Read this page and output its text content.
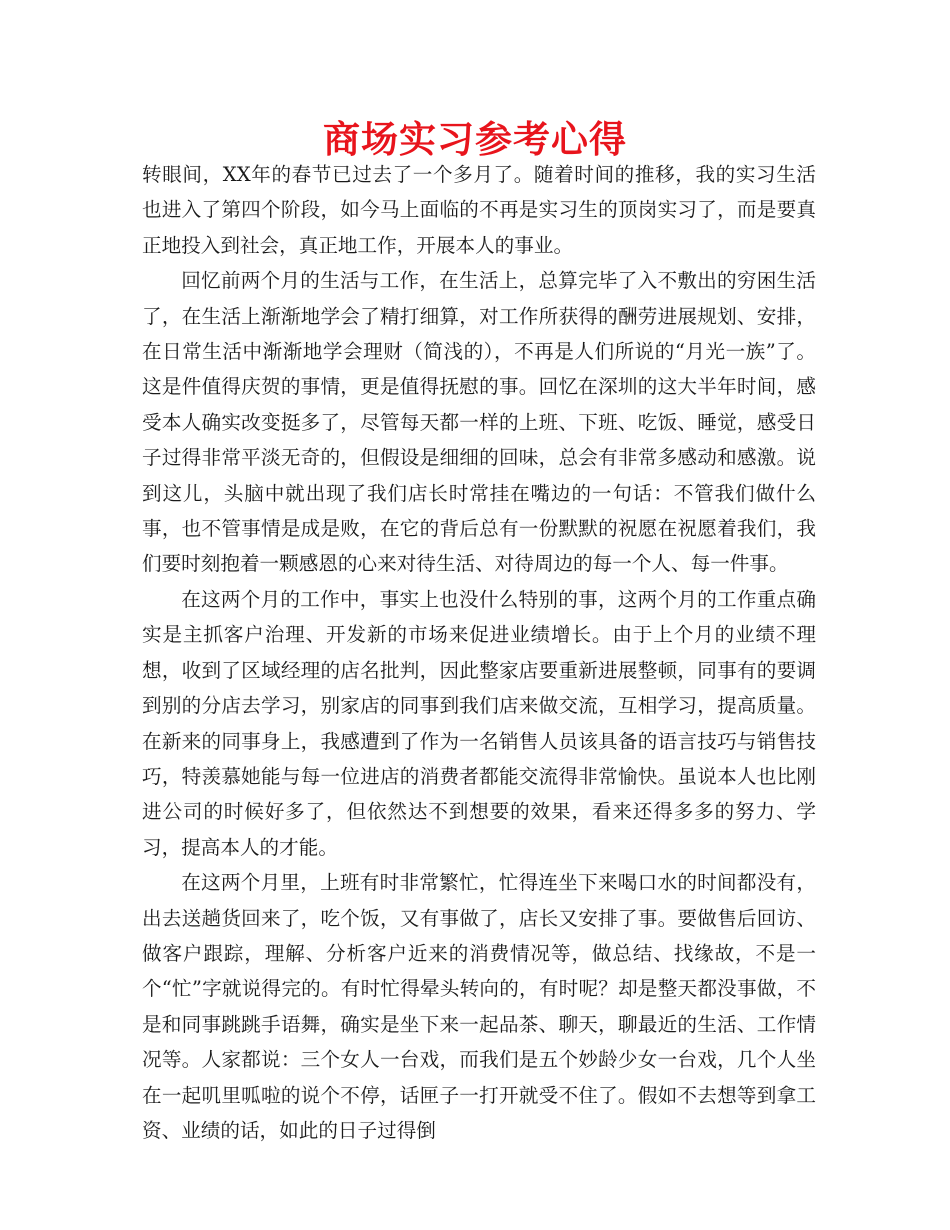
商场实习参考心得

转眼间，XX年的春节已过去了一个多月了。随着时间的推移，我的实习生活也进入了第四个阶段，如今马上面临的不再是实习生的顶岗实习了，而是要真正地投入到社会，真正地工作，开展本人的事业。

回忆前两个月的生活与工作，在生活上，总算完毕了入不敷出的穷困生活了，在生活上渐渐地学会了精打细算，对工作所获得的酬劳进展规划、安排，在日常生活中渐渐地学会理财（简浅的），不再是人们所说的“月光一族”了。这是件值得庆贺的事情，更是值得抚慰的事。回忆在深圳的这大半年时间，感受本人确实改变挺多了，尽管每天都一样的上班、下班、吃饭、睡觉，感受日子过得非常平淡无奇的，但假设是细细的回味，总会有非常多感动和感激。说到这儿，头脑中就出现了我们店长时常挂在嘴边的一句话：不管我们做什么事，也不管事情是成是败，在它的背后总有一份默默的祝愿在祝愿着我们，我们要时刻抱着一颗感恩的心来对待生活、对待周边的每一个人、每一件事。

在这两个月的工作中，事实上也没什么特别的事，这两个月的工作重点确实是主抓客户治理、开发新的市场来促进业绩增长。由于上个月的业绩不理想，收到了区域经理的店名批判，因此整家店要重新进展整顿，同事有的要调到别的分店去学习，别家店的同事到我们店来做交流，互相学习，提高质量。在新来的同事身上，我感遭到了作为一名销售人员该具备的语言技巧与销售技巧，特羡慕她能与每一位进店的消费者都能交流得非常愉快。虽说本人也比刚进公司的时候好多了，但依然达不到想要的效果，看来还得多多的努力、学习，提高本人的才能。

在这两个月里，上班有时非常繁忙，忙得连坐下来喝口水的时间都没有，出去送趟货回来了，吃个饭，又有事做了，店长又安排了事。要做售后回访、做客户跟踪，理解、分析客户近来的消费情况等，做总结、找缘故，不是一个“忙”字就说得完的。有时忙得晕头转向的，有时呢？却是整天都没事做，不是和同事跳跳手语舞，确实是坐下来一起品茶、聊天，聊最近的生活、工作情况等。人家都说：三个女人一台戏，而我们是五个妙龄少女一台戏，几个人坐在一起叽里呱啦的说个不停，话匣子一打开就受不住了。假如不去想等到拿工资、业绩的话，如此的日子过得倒
